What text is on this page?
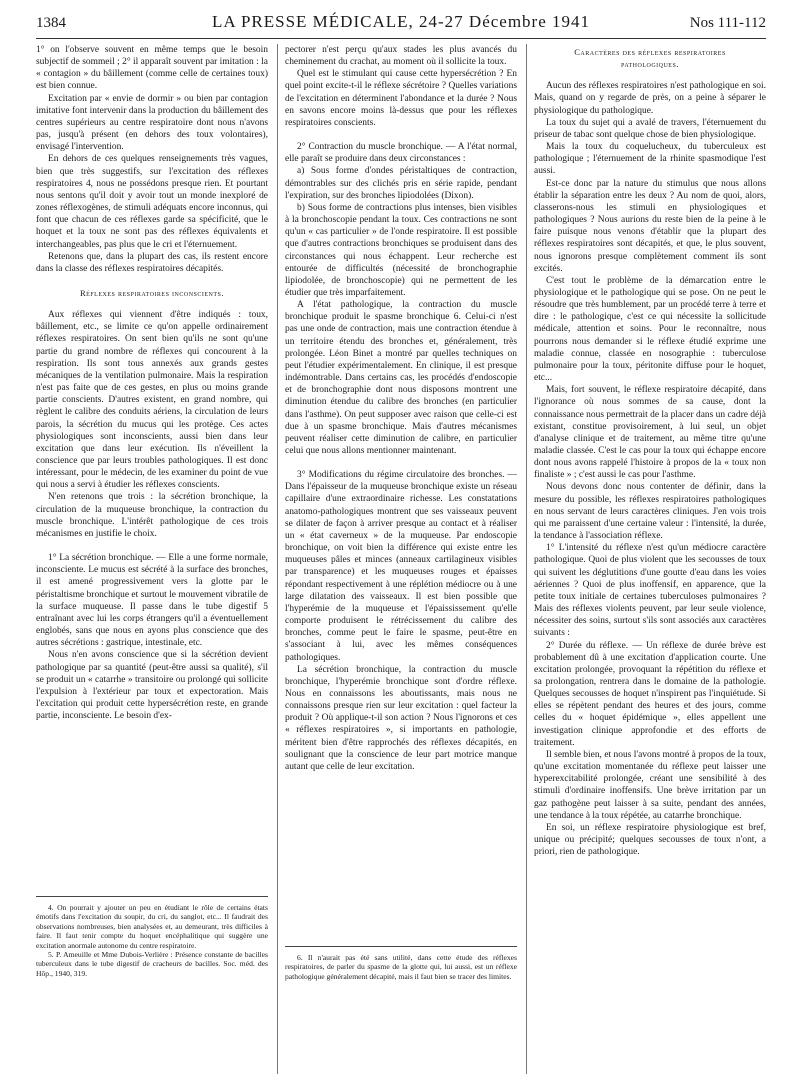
1384	LA PRESSE MÉDICALE, 24-27 Décembre 1941	Nos 111-112

1° on l'observe souvent en même temps que le besoin subjectif de sommeil ; 2° il apparaît souvent par imitation : la « contagion » du bâillement (comme celle de certaines toux) est bien connue.

Excitation par « envie de dormir » ou bien par contagion imitative font intervenir dans la production du bâillement des centres supérieurs au centre respiratoire dont nous n'avons pas, jusqu'à présent (en dehors des toux volontaires), envisagé l'intervention.

En dehors de ces quelques renseignements très vagues, bien que très suggestifs, sur l'excitation des réflexes respiratoires 4, nous ne possédons presque rien. Et pourtant nous sentons qu'il doit y avoir tout un monde inexploré de zones réflexogènes, de stimuli adéquats encore inconnus, qui font que chacun de ces réflexes garde sa spécificité, que le hoquet et la toux ne sont pas des réflexes équivalents et interchangeables, pas plus que le cri et l'éternuement.

Retenons que, dans la plupart des cas, ils restent encore dans la classe des réflexes respiratoires décapités.

Réflexes respiratoires inconscients.

Aux réflexes qui viennent d'être indiqués : toux, bâillement, etc., se limite ce qu'on appelle ordinairement réflexes respiratoires. On sent bien qu'ils ne sont qu'une partie du grand nombre de réflexes qui concourent à la respiration. Ils sont tous annexés aux grands gestes mécaniques de la ventilation pulmonaire. Mais la respiration n'est pas faite que de ces gestes, en plus ou moins grande partie conscients. D'autres existent, en grand nombre, qui règlent le calibre des conduits aériens, la circulation de leurs parois, la sécrétion du mucus qui les protège. Ces actes physiologiques sont inconscients, aussi bien dans leur excitation que dans leur exécution. Ils n'éveillent la conscience que par leurs troubles pathologiques. Il est donc intéressant, pour le médecin, de les examiner du point de vue qui nous a servi à étudier les réflexes conscients.

N'en retenons que trois : la sécrétion bronchique, la circulation de la muqueuse bronchique, la contraction du muscle bronchique. L'intérêt pathologique de ces trois mécanismes en justifie le choix.

1° La sécrétion bronchique. — Elle a une forme normale, inconsciente. Le mucus est sécrété à la surface des bronches, il est amené progressivement vers la glotte par le péristaltisme bronchique et surtout le mouvement vibratile de la surface muqueuse. Il passe dans le tube digestif 5 entraînant avec lui les corps étrangers qu'il a éventuellement englobés, sans que nous en ayons plus conscience que des autres sécrétions : gastrique, intestinale, etc.

Nous n'en avons conscience que si la sécrétion devient pathologique par sa quantité (peut-être aussi sa qualité), s'il se produit un « catarrhe » transitoire ou prolongé qui sollicite l'expulsion à l'extérieur par toux et expectoration. Mais l'excitation qui produit cette hypersécrétion reste, en grande partie, inconsciente. Le besoin d'ex-

4. On pourrait y ajouter un peu en étudiant le rôle de certains états émotifs dans l'excitation du soupir, du cri, du sanglot, etc... Il faudrait des observations nombreuses, bien analysées et, au demeurant, très difficiles à faire. Il faut tenir compte du hoquet encéphalitique qui suggère une excitation anormale autonome du centre respiratoire.

5. P. Ameuille et Mme Dubois-Verlière : Présence constante de bacilles tuberculeux dans le tube digestif de cracheurs de bacilles. Soc. méd. des Hôp., 1940, 319.

pectorer n'est perçu qu'aux stades les plus avancés du cheminement du crachat, au moment où il sollicite la toux.

Quel est le stimulant qui cause cette hypersécrétion ? En quel point excite-t-il le réflexe sécrétoire ? Quelles variations de l'excitation en déterminent l'abondance et la durée ? Nous en savons encore moins là-dessus que pour les réflexes respiratoires conscients.

2° Contraction du muscle bronchique. — A l'état normal, elle paraît se produire dans deux circonstances :

a) Sous forme d'ondes péristaltiques de contraction, démontrables sur des clichés pris en série rapide, pendant l'expiration, sur des bronches lipiodolées (Dixon).

b) Sous forme de contractions plus intenses, bien visibles à la bronchoscopie pendant la toux. Ces contractions ne sont qu'un « cas particulier » de l'onde respiratoire. Il est possible que d'autres contractions bronchiques se produisent dans des circonstances qui nous échappent. Leur recherche est entourée de difficultés (nécessité de bronchographie lipiodolée, de bronchoscopie) qui ne permettent de les étudier que très imparfaitement.

A l'état pathologique, la contraction du muscle bronchique produit le spasme bronchique 6. Celui-ci n'est pas une onde de contraction, mais une contraction étendue à un territoire étendu des bronches et, généralement, très prolongée. Léon Binet a montré par quelles techniques on peut l'étudier expérimentalement. En clinique, il est presque indémontrable. Dans certains cas, les procédés d'endoscopie et de bronchographie dont nous disposons montrent une diminution étendue du calibre des bronches (en particulier dans l'asthme). On peut supposer avec raison que celle-ci est due à un spasme bronchique. Mais d'autres mécanismes peuvent réaliser cette diminution de calibre, en particulier celui que nous allons mentionner maintenant.

3° Modifications du régime circulatoire des bronches. — Dans l'épaisseur de la muqueuse bronchique existe un réseau capillaire d'une extraordinaire richesse. Les constatations anatomo-pathologiques montrent que ses vaisseaux peuvent se dilater de façon à arriver presque au contact et à réaliser un « état caverneux » de la muqueuse. Par endoscopie bronchique, on voit bien la différence qui existe entre les muqueuses pâles et minces (anneaux cartilagineux visibles par transparence) et les muqueuses rouges et épaisses répondant respectivement à une réplétion médiocre ou à une large dilatation des vaisseaux. Il est bien possible que l'hyperémie de la muqueuse et l'épaississement qu'elle comporte produisent le rétrécissement du calibre des bronches, comme peut le faire le spasme, peut-être en s'associant à lui, avec les mêmes conséquences pathologiques.

La sécrétion bronchique, la contraction du muscle bronchique, l'hyperémie bronchique sont d'ordre réflexe. Nous en connaissons les aboutissants, mais nous ne connaissons presque rien sur leur excitation : quel facteur la produit ? Où applique-t-il son action ? Nous l'ignorons et ces « réflexes respiratoires », si importants en pathologie, méritent bien d'être rapprochés des réflexes décapités, en soulignant que la conscience de leur part motrice manque autant que celle de leur excitation.

6. Il n'aurait pas été sans utilité, dans cette étude des réflexes respiratoires, de parler du spasme de la glotte qui, lui aussi, est un réflexe pathologique généralement décapité, mais il faut bien se tracer des limites.

Caractères des réflexes respiratoires
pathologiques.

Aucun des réflexes respiratoires n'est pathologique en soi. Mais, quand on y regarde de près, on a peine à séparer le physiologique du pathologique.

La toux du sujet qui a avalé de travers, l'éternuement du priseur de tabac sont quelque chose de bien physiologique.

Mais la toux du coqueluchеux, du tuberculeux est pathologique ; l'éternuement de la rhinite spasmodique l'est aussi.

Est-ce donc par la nature du stimulus que nous allons établir la séparation entre les deux ? Au nom de quoi, alors, classerons-nous les stimuli en physiologiques et pathologiques ? Nous aurions du reste bien de la peine à le faire puisque nous venons d'établir que la plupart des réflexes respiratoires sont décapités, et que, le plus souvent, nous ignorons presque complètement comment ils sont excités.

C'est tout le problème de la démarcation entre le physiologique et le pathologique qui se pose. On ne peut le résoudre que très humblement, par un procédé terre à terre et dire : le pathologique, c'est ce qui nécessite la sollicitude médicale, attention et soins. Pour le reconnaître, nous pourrons nous demander si le réflexe étudié exprime une maladie connue, classée en nosographie : tuberculose pulmonaire pour la toux, péritonite diffuse pour le hoquet, etc...

Mais, fort souvent, le réflexe respiratoire décapité, dans l'ignorance où nous sommes de sa cause, dont la connaissance nous permettrait de la placer dans un cadre déjà existant, constitue provisoirement, à lui seul, un objet d'analyse clinique et de traitement, au même titre qu'une maladie classée. C'est le cas pour la toux qui échappe encore dont nous avons rappelé l'histoire à propos de la « toux non finaliste » ; c'est aussi le cas pour l'asthme.

Nous devons donc nous contenter de définir, dans la mesure du possible, les réflexes respiratoires pathologiques en nous servant de leurs caractères cliniques. J'en vois trois qui me paraissent d'une certaine valeur : l'intensité, la durée, la tendance à l'association réflexe.

1° L'intensité du réflexe n'est qu'un médiocre caractère pathologique. Quoi de plus violent que les secousses de toux qui suivent les déglutitions d'une goutte d'eau dans les voies aériennes ? Quoi de plus inoffensif, en apparence, que la petite toux initiale de certaines tuberculoses pulmonaires ? Mais des réflexes violents peuvent, par leur seule violence, nécessiter des soins, surtout s'ils sont associés aux caractères suivants :

2° Durée du réflexe. — Un réflexe de durée brève est probablement dû à une excitation d'application courte. Une excitation prolongée, provoquant la répétition du réflexe et sa prolongation, rentrera dans le domaine de la pathologie. Quelques secousses de hoquet n'inspirent pas l'inquiétude. Si elles se répètent pendant des heures et des jours, comme celles du « hoquet épidémique », elles appellent une investigation clinique approfondie et des efforts de traitement.

Il semble bien, et nous l'avons montré à propos de la toux, qu'une excitation momentanée du réflexe peut laisser une hyperexcitabilité prolongée, créant une sensibilité à des stimuli d'ordinaire inoffensifs. Une brève irritation par un gaz pathogène peut laisser à sa suite, pendant des années, une tendance à la toux répétée, au catarrhe bronchique.

En soi, un réflexe respiratoire physiologique est bref, unique ou précipité; quelques secousses de toux n'ont, a priori, rien de pathologique.
